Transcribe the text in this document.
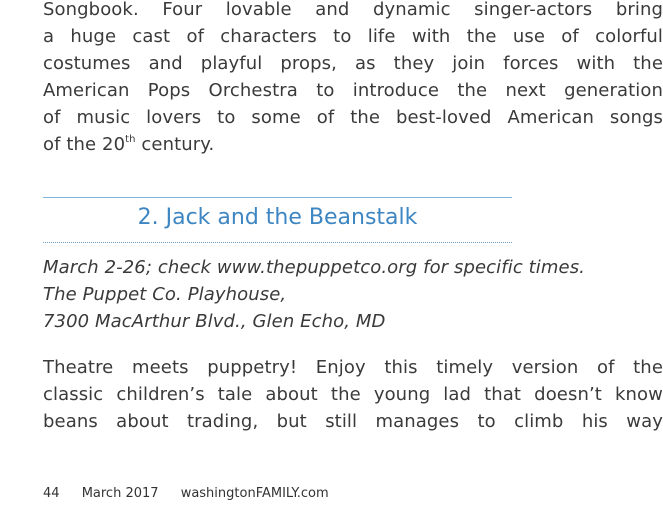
Songbook. Four lovable and dynamic singer-actors bring
a huge cast of characters to life with the use of colorful
costumes and playful props, as they join forces with the
American Pops Orchestra to introduce the next generation
of music lovers to some of the best-loved American songs
of the 20th century.
2. Jack and the Beanstalk
March 2-26; check www.thepuppetco.org for specific times.
The Puppet Co. Playhouse,
7300 MacArthur Blvd., Glen Echo, MD
Theatre meets puppetry! Enjoy this timely version of the
classic children’s tale about the young lad that doesn’t know
beans about trading, but still manages to climb his way
44 March 2017 washingtonFAMILY.com
